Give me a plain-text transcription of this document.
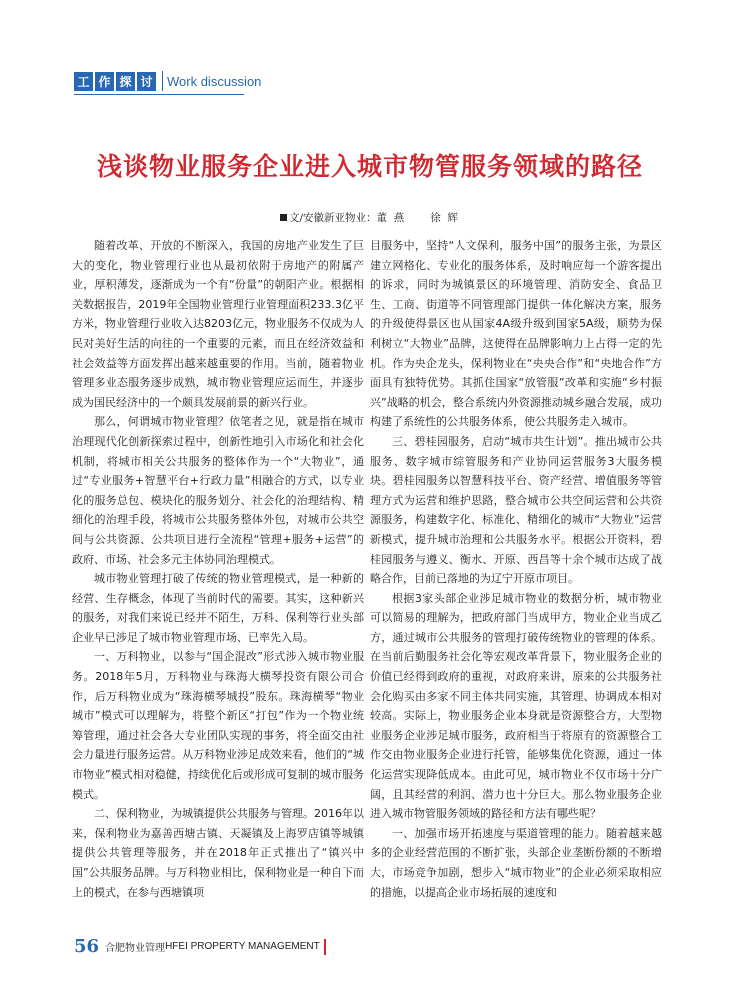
工 作 探 讨 Work discussion
浅谈物业服务企业进入城市物管服务领域的路径
文/安徽新亚物业： 董  燕 徐  辉

随着改革、开放的不断深入，我国的房地产业发生了巨大的变化，物业管理行业也从最初依附于房地产的附属产业，厚积薄发，逐渐成为一个有“份量”的朝阳产业。根据相关数据报告，2019年全国物业管理行业管理面积233.3亿平方米，物业管理行业收入达8203亿元，物业服务不仅成为人民对美好生活的向往的一个重要的元素，而且在经济效益和社会效益等方面发挥出越来越重要的作用。当前，随着物业管理多业态服务逐步成熟，城市物业管理应运而生，并逐步成为国民经济中的一个颇具发展前景的新兴行业。

那么，何谓城市物业管理？依笔者之见，就是指在城市治理现代化创新探索过程中，创新性地引入市场化和社会化机制，将城市相关公共服务的整体作为一个“大物业”，通过“专业服务+智慧平台+行政力量”相融合的方式，以专业化的服务总包、模块化的服务划分、社会化的治理结构、精细化的治理手段，将城市公共服务整体外包，对城市公共空间与公共资源、公共项目进行全流程“管理+服务+运营”的政府、市场、社会多元主体协同治理模式。

城市物业管理打破了传统的物业管理模式，是一种新的经营、生存概念，体现了当前时代的需要。其实，这种新兴的服务，对我们来说已经并不陌生，万科、保利等行业头部企业早已涉足了城市物业管理市场、已率先入局。

一、万科物业，以参与“国企混改”形式涉入城市物业服务。2018年5月，万科物业与珠海大横琴投资有限公司合作，后万科物业成为“珠海横琴城投”股东。珠海横琴“物业城市”模式可以理解为，将整个新区“打包”作为一个物业统筹管理，通过社会各大专业团队实现的事务，将全面交由社会力量进行服务运营。从万科物业涉足成效来看，他们的“城市物业”模式相对稳健，持续优化后或形成可复制的城市服务模式。

二、保利物业，为城镇提供公共服务与管理。2016年以来，保利物业为嘉善西塘古镇、天凝镇及上海罗店镇等城镇提供公共管理等服务，并在2018年正式推出了“镇兴中国”公共服务品牌。与万科物业相比，保利物业是一种自下而上的模式，在参与西塘镇项

目服务中，坚持“人文保利，服务中国”的服务主张，为景区建立网格化、专业化的服务体系，及时响应每一个游客提出的诉求，同时为城镇景区的环境管理、消防安全、食品卫生、工商、街道等不同管理部门提供一体化解决方案，服务的升级使得景区也从国家4A级升级到国家5A级，顺势为保利树立“大物业”品牌，这使得在品牌影响力上占得一定的先机。作为央企龙头，保利物业在“央央合作”和“央地合作”方面具有独特优势。其抓住国家“放管服”改革和实施“乡村振兴”战略的机会，整合系统内外资源推动城乡融合发展，成功构建了系统性的公共服务体系，使公共服务走入城市。

三、碧桂园服务，启动“城市共生计划”。推出城市公共服务、数字城市综管服务和产业协同运营服务3大服务模块。碧桂园服务以智慧科技平台、资产经营、增值服务等管理方式为运营和维护思路，整合城市公共空间运营和公共资源服务，构建数字化、标准化、精细化的城市“大物业”运营新模式，提升城市治理和公共服务水平。根据公开资料，碧桂园服务与遵义、衡水、开原、西昌等十余个城市达成了战略合作，目前已落地的为辽宁开原市项目。

根据3家头部企业涉足城市物业的数据分析，城市物业可以简易的理解为，把政府部门当成甲方，物业企业当成乙方，通过城市公共服务的管理打破传统物业的管理的体系。在当前后勤服务社会化等宏观改革背景下，物业服务企业的价值已经得到政府的重视，对政府来讲，原来的公共服务社会化购买由多家不同主体共同实施，其管理、协调成本相对较高。实际上，物业服务企业本身就是资源整合方，大型物业服务企业涉足城市服务，政府相当于将原有的资源整合工作交由物业服务企业进行托管，能够集优化资源，通过一体化运营实现降低成本。由此可见，城市物业不仅市场十分广阔，且其经营的利润、潜力也十分巨大。那么物业服务企业进入城市物管服务领域的路径和方法有哪些呢？

一、加强市场开拓速度与渠道管理的能力。随着越来越多的企业经营范围的不断扩张，头部企业垄断份额的不断增大，市场竞争加剧，想步入“城市物业”的企业必须采取相应的措施，以提高企业市场拓展的速度和

56 合肥物业管理 HFEI PROPERTY MANAGEMENT
